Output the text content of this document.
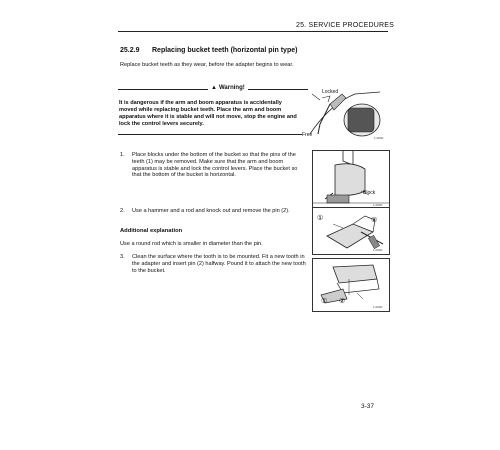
25. SERVICE PROCEDURES
25.2.9 Replacing bucket teeth (horizontal pin type)
Replace bucket teeth as they wear, before the adapter begins to wear.
▲ Warning!
It is dangerous if the arm and boom apparatus is accidentally moved while replacing bucket teeth. Place the arm and boom apparatus where it is stable and will not move, stop the engine and lock the control levers securely.
Locked
Free	1-0000
1. Place blocks under the bottom of the bucket so that the pins of the teeth (1) may be removed. Make sure that the arm and boom apparatus is stable and lock the control levers. Place the bucket so that the bottom of the bucket is horizontal.
Block
1-0000
2. Use a hammer and a rod and knock out and remove the pin (2).
①	②
1-0000
Additional explanation
Use a round rod which is smaller in diameter than the pin.
3. Clean the surface where the tooth is to be mounted. Fit a new tooth in the adapter and insert pin (2) halfway. Pound it to attach the new tooth to the bucket.
① ②
1-0000
3-37
